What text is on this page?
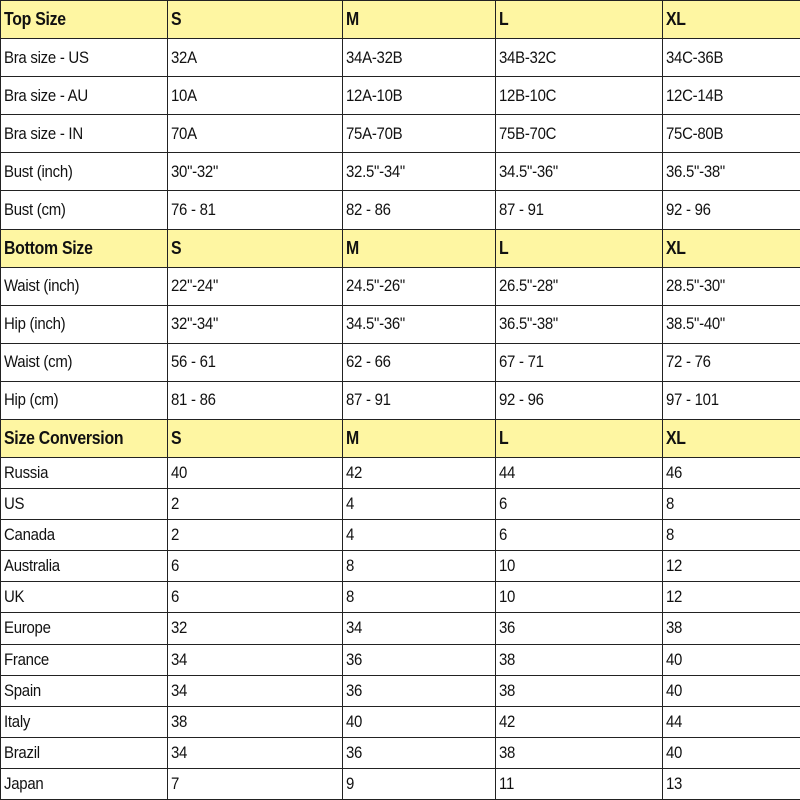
Top Size	S	M	L	XL
Bra size - US	32A	34A-32B	34B-32C	34C-36B
Bra size - AU	10A	12A-10B	12B-10C	12C-14B
Bra size - IN	70A	75A-70B	75B-70C	75C-80B
Bust (inch)	30"-32"	32.5"-34"	34.5"-36"	36.5"-38"
Bust (cm)	76 - 81	82 - 86	87 - 91	92 - 96
Bottom Size	S	M	L	XL
Waist (inch)	22"-24"	24.5"-26"	26.5"-28"	28.5"-30"
Hip (inch)	32"-34"	34.5"-36"	36.5"-38"	38.5"-40"
Waist (cm)	56 - 61	62 - 66	67 - 71	72 - 76
Hip (cm)	81 - 86	87 - 91	92 - 96	97 - 101
Size Conversion	S	M	L	XL
Russia	40	42	44	46
US	2	4	6	8
Canada	2	4	6	8
Australia	6	8	10	12
UK	6	8	10	12
Europe	32	34	36	38
France	34	36	38	40
Spain	34	36	38	40
Italy	38	40	42	44
Brazil	34	36	38	40
Japan	7	9	11	13
